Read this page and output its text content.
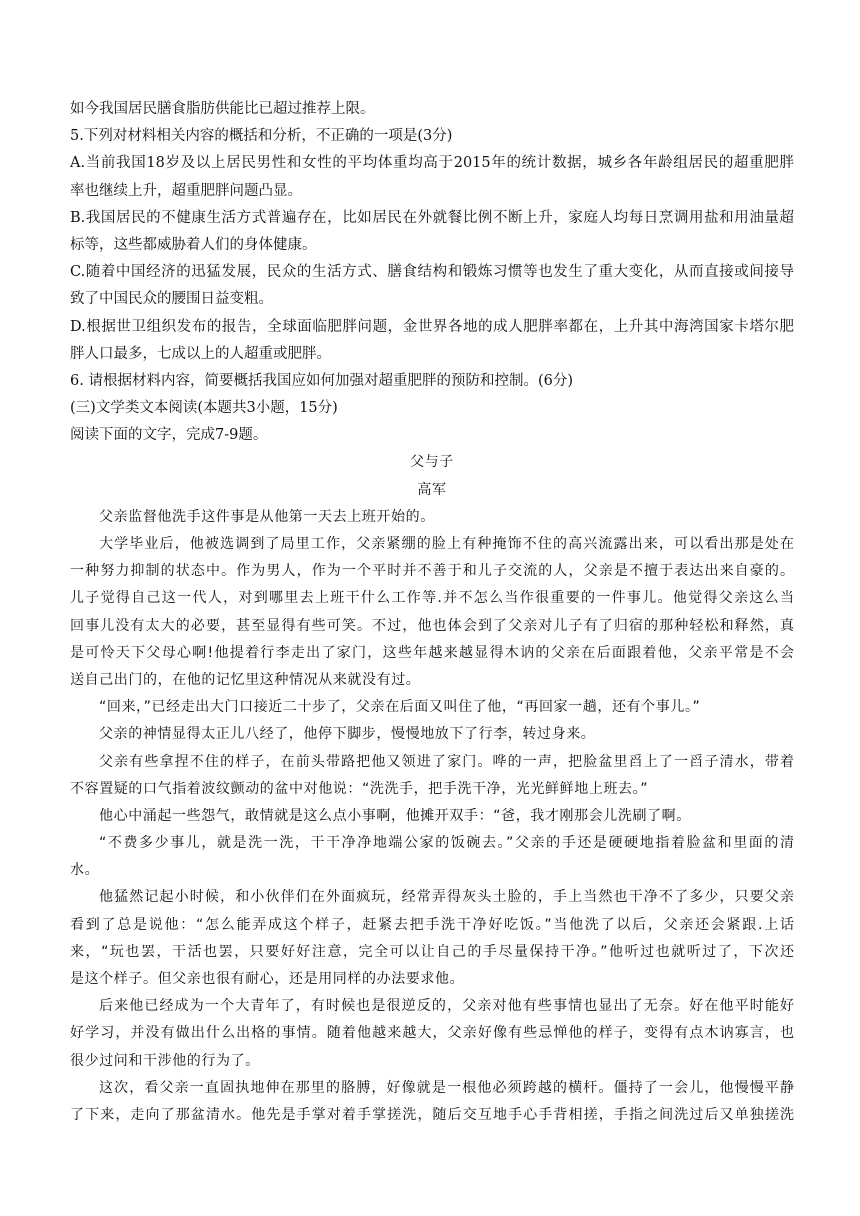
如今我国居民膳食脂肪供能比已超过推荐上限。
5.下列对材料相关内容的概括和分析，不正确的一项是(3分)
A.当前我国18岁及以上居民男性和女性的平均体重均高于2015年的统计数据，城乡各年龄组居民的超重肥胖
率也继续上升，超重肥胖问题凸显。
B.我国居民的不健康生活方式普遍存在，比如居民在外就餐比例不断上升，家庭人均每日烹调用盐和用油量超
标等，这些都威胁着人们的身体健康。
C.随着中国经济的迅猛发展，民众的生活方式、膳食结构和锻炼习惯等也发生了重大变化，从而直接或间接导
致了中国民众的腰围日益变粗。
D.根据世卫组织发布的报告，全球面临肥胖问题，金世界各地的成人肥胖率都在，上升其中海湾国家卡塔尔肥
胖人口最多，七成以上的人超重或肥胖。
6. 请根据材料内容，简要概括我国应如何加强对超重肥胖的预防和控制。(6分)
(三)文学类文本阅读(本题共3小题，15分)
阅读下面的文字，完成7-9题。
父与子
高军
父亲监督他洗手这件事是从他第一天去上班开始的。
大学毕业后，他被选调到了局里工作，父亲紧绷的脸上有种掩饰不住的高兴流露出来，可以看出那是处在
一种努力抑制的状态中。作为男人，作为一个平时并不善于和儿子交流的人，父亲是不擅于表达出来自豪的。
儿子觉得自己这一代人，对到哪里去上班干什么工作等.并不怎么当作很重要的一件事儿。他觉得父亲这么当
回事儿没有太大的必要，甚至显得有些可笑。不过，他也体会到了父亲对儿子有了归宿的那种轻松和释然，真
是可怜天下父母心啊!他提着行李走出了家门，这些年越来越显得木讷的父亲在后面跟着他，父亲平常是不会
送自己出门的，在他的记忆里这种情况从来就没有过。
“回来，”已经走出大门口接近二十步了，父亲在后面又叫住了他，“再回家一趟，还有个事儿。”
父亲的神情显得太正儿八经了，他停下脚步，慢慢地放下了行李，转过身来。
父亲有些拿捏不住的样子，在前头带路把他又领进了家门。哗的一声，把脸盆里舀上了一舀子清水，带着
不容置疑的口气指着波纹颤动的盆中对他说：“洗洗手，把手洗干净，光光鲜鲜地上班去。”
他心中涌起一些怨气，敢情就是这么点小事啊，他摊开双手：“爸，我才刚那会儿洗刷了啊。
“不费多少事儿，就是洗一洗，干干净净地端公家的饭碗去。”父亲的手还是硬硬地指着脸盆和里面的清
水。
他猛然记起小时候，和小伙伴们在外面疯玩，经常弄得灰头土脸的，手上当然也干净不了多少，只要父亲
看到了总是说他：“怎么能弄成这个样子，赶紧去把手洗干净好吃饭。”当他洗了以后，父亲还会紧跟.上话
来，“玩也罢，干活也罢，只要好好注意，完全可以让自己的手尽量保持干净。”他听过也就听过了，下次还
是这个样子。但父亲也很有耐心，还是用同样的办法要求他。
后来他已经成为一个大青年了，有时候也是很逆反的，父亲对他有些事情也显出了无奈。好在他平时能好
好学习，并没有做出什么出格的事情。随着他越来越大，父亲好像有些忌惮他的样子，变得有点木讷寡言，也
很少过问和干涉他的行为了。
这次，看父亲一直固执地伸在那里的胳膊，好像就是一根他必须跨越的横杆。僵持了一会儿，他慢慢平静
了下来，走向了那盆清水。他先是手掌对着手掌搓洗，随后交互地手心手背相搓，手指之间洗过后又单独搓洗
